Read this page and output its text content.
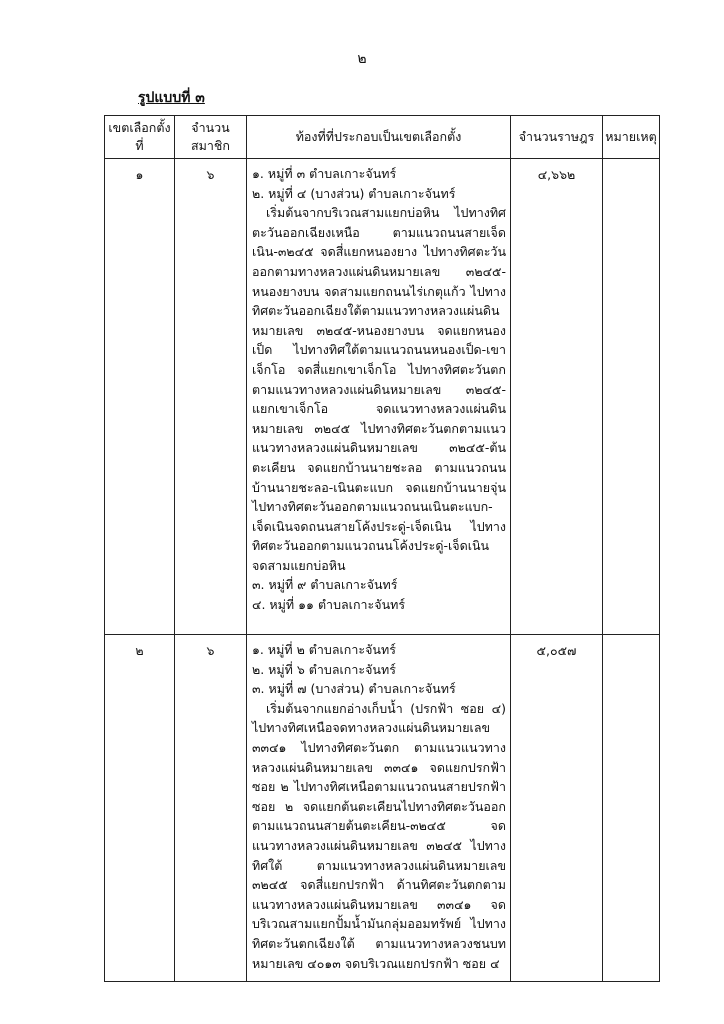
๒
รูปแบบที่ ๓
เขตเลือกตั้งที่	จำนวนสมาชิก	ท้องที่ที่ประกอบเป็นเขตเลือกตั้ง	จำนวนราษฎร	หมายเหตุ
๑	๖	๑. หมู่ที่ ๓ ตำบลเกาะจันทร์
๒. หมู่ที่ ๔ (บางส่วน) ตำบลเกาะจันทร์
เริ่มต้นจากบริเวณสามแยกบ่อหิน ไปทางทิศตะวันออกเฉียงเหนือ ตามแนวถนนสายเจ็ดเนิน-๓๒๔๕ จดสี่แยกหนองยาง ไปทางทิศตะวันออกตามทางหลวงแผ่นดินหมายเลข ๓๒๔๕-หนองยางบน จดสามแยกถนนไร่เกตุแก้ว ไปทางทิศตะวันออกเฉียงใต้ตามแนวทางหลวงแผ่นดินหมายเลข ๓๒๔๕-หนองยางบน จดแยกหนองเป็ด ไปทางทิศใต้ตามแนวถนนหนองเป็ด-เขาเจ็กโอ จดสี่แยกเขาเจ็กโอ ไปทางทิศตะวันตกตามแนวทางหลวงแผ่นดินหมายเลข ๓๒๔๕-แยกเขาเจ็กโอ จดแนวทางหลวงแผ่นดินหมายเลข ๓๒๔๕ ไปทางทิศตะวันตกตามแนวแนวทางหลวงแผ่นดินหมายเลข ๓๒๔๕-ต้นตะเคียน จดแยกบ้านนายชะลอ ตามแนวถนนบ้านนายชะลอ-เนินตะแบก จดแยกบ้านนายจุ่นไปทางทิศตะวันออกตามแนวถนนเนินตะแบก-เจ็ดเนินจดถนนสายโค้งประดู่-เจ็ดเนิน ไปทางทิศตะวันออกตามแนวถนนโค้งประดู่-เจ็ดเนิน จดสามแยกบ่อหิน
๓. หมู่ที่ ๙ ตำบลเกาะจันทร์
๔. หมู่ที่ ๑๑ ตำบลเกาะจันทร์	๔,๖๖๒	
๒	๖	๑. หมู่ที่ ๒ ตำบลเกาะจันทร์
๒. หมู่ที่ ๖ ตำบลเกาะจันทร์
๓. หมู่ที่ ๗ (บางส่วน) ตำบลเกาะจันทร์
เริ่มต้นจากแยกอ่างเก็บน้ำ (ปรกฟ้า ซอย ๔) ไปทางทิศเหนือจดทางหลวงแผ่นดินหมายเลข ๓๓๔๑ ไปทางทิศตะวันตก ตามแนวแนวทางหลวงแผ่นดินหมายเลข ๓๓๔๑ จดแยกปรกฟ้าซอย ๒ ไปทางทิศเหนือตามแนวถนนสายปรกฟ้า ซอย ๒ จดแยกต้นตะเคียนไปทางทิศตะวันออกตามแนวถนนสายต้นตะเคียน-๓๒๔๕ จดแนวทางหลวงแผ่นดินหมายเลข ๓๒๔๕ ไปทางทิศใต้ ตามแนวทางหลวงแผ่นดินหมายเลข ๓๒๔๕ จดสี่แยกปรกฟ้า ด้านทิศตะวันตกตามแนวทางหลวงแผ่นดินหมายเลข ๓๓๔๑ จดบริเวณสามแยกปั้มน้ำมันกลุ่มออมทรัพย์ ไปทางทิศตะวันตกเฉียงใต้ ตามแนวทางหลวงชนบทหมายเลข ๔๐๑๓ จดบริเวณแยกปรกฟ้า ซอย ๔	๕,๐๕๗	
